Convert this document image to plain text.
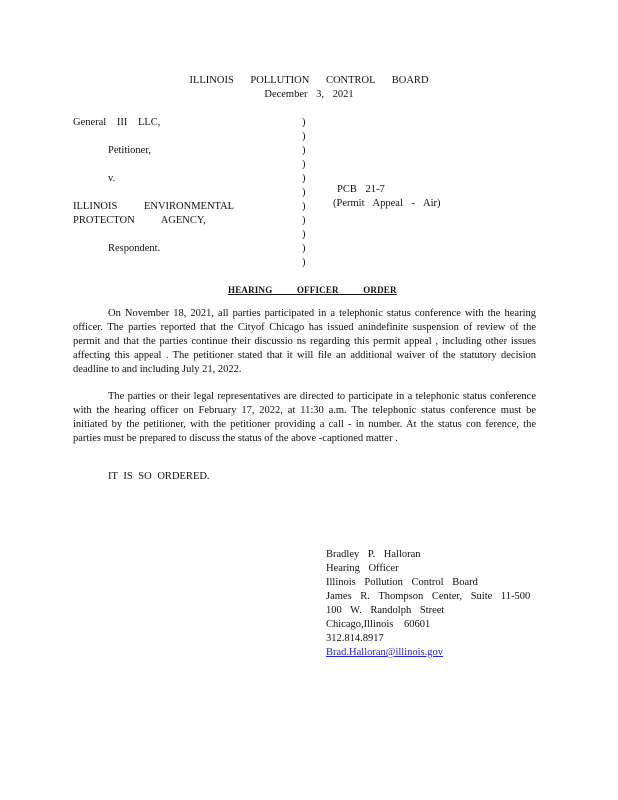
ILLINOIS POLLUTION CONTROL BOARD
December 3, 2021
General III LLC,
Petitioner,
v.
ILLINOIS ENVIRONMENTAL
PROTECTON AGENCY,
Respondent.
)
)
)
)
)
)
)
)
)
)
)
PCB 21-7
(Permit Appeal - Air)
HEARING OFFICER ORDER
On November 18, 2021, all parties participated in a telephonic status conference with the hearing officer. The parties reported that the Cityof Chicago has issued anindefinite suspension of review of the permit and that the parties continue their discussio ns regarding this permit appeal , including other issues affecting this appeal . The petitioner stated that it will file an additional waiver of the statutory decision deadline to and including July 21, 2022.
The parties or their legal representatives are directed to participate in a telephonic status conference with the hearing officer on February 17, 2022, at 11:30 a.m. The telephonic status conference must be initiated by the petitioner, with the petitioner providing a call - in number. At the status con ference, the parties must be prepared to discuss the status of the above -captioned matter .
IT IS SO ORDERED.
Bradley P. Halloran
Hearing Officer
Illinois Pollution Control Board
James R. Thompson Center, Suite 11-500
100 W. Randolph Street
Chicago,Illinois 60601
312.814.8917
Brad.Halloran@illinois.gov
